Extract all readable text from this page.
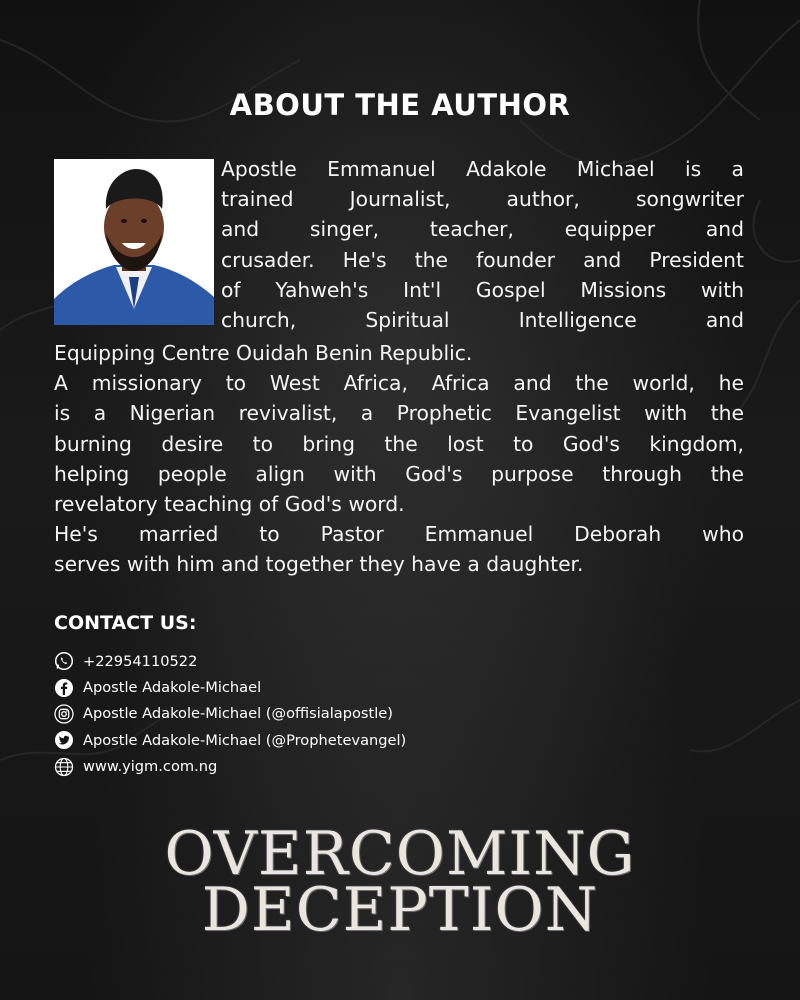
ABOUT THE AUTHOR

Apostle Emmanuel Adakole Michael is a

trained Journalist, author, songwriter

and singer, teacher, equipper and

crusader. He's the founder and President

of Yahweh's Int'l Gospel Missions with

church, Spiritual Intelligence and

Equipping Centre Ouidah Benin Republic.

A missionary to West Africa, Africa and the world, he

is a Nigerian revivalist, a Prophetic Evangelist with the

burning desire to bring the lost to God's kingdom,

helping people align with God's purpose through the

revelatory teaching of God's word.

He's married to Pastor Emmanuel Deborah who

serves with him and together they have a daughter.

CONTACT US:
+22954110522
Apostle Adakole-Michael
Apostle Adakole-Michael (@offisialapostle)
Apostle Adakole-Michael (@Prophetevangel)
www.yigm.com.ng
OVERCOMING
DECEPTION
